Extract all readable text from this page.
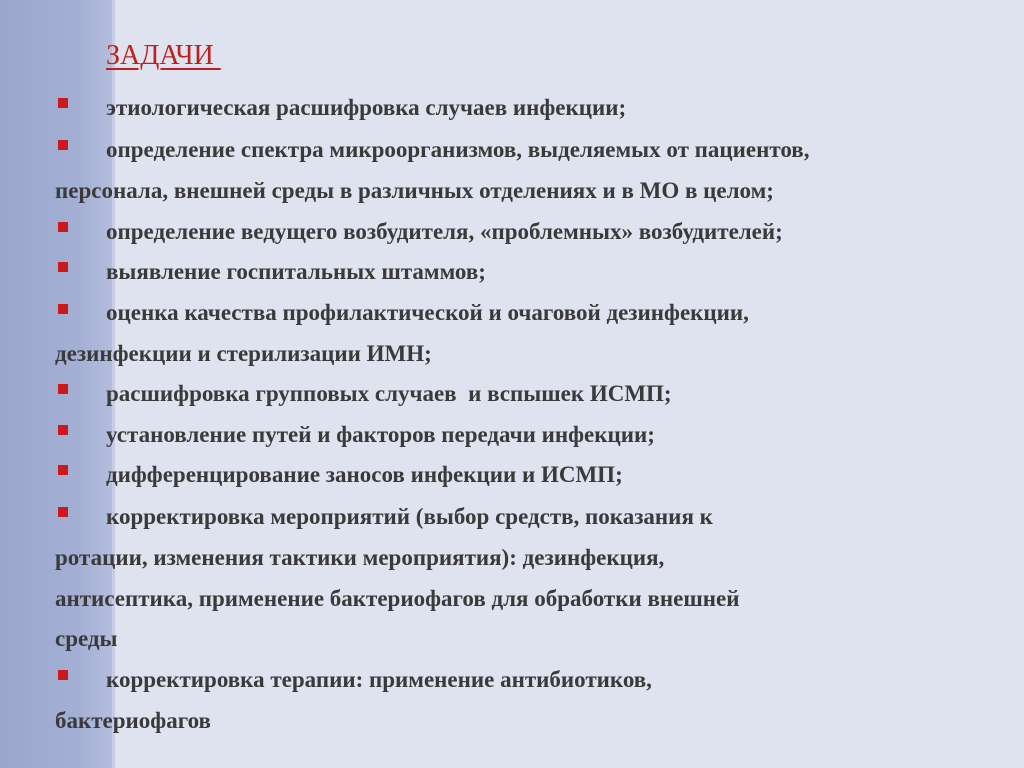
ЗАДАЧИ
этиологическая расшифровка случаев инфекции;
определение спектра микроорганизмов, выделяемых от пациентов,
персонала, внешней среды в различных отделениях и в МО в целом;
определение ведущего возбудителя, «проблемных» возбудителей;
выявление госпитальных штаммов;
оценка качества профилактической и очаговой дезинфекции,
дезинфекции и стерилизации ИМН;
расшифровка групповых случаев  и вспышек ИСМП;
установление путей и факторов передачи инфекции;
дифференцирование заносов инфекции и ИСМП;
корректировка мероприятий (выбор средств, показания к
ротации, изменения тактики мероприятия): дезинфекция,
антисептика, применение бактериофагов для обработки внешней
среды
корректировка терапии: применение антибиотиков,
бактериофагов
